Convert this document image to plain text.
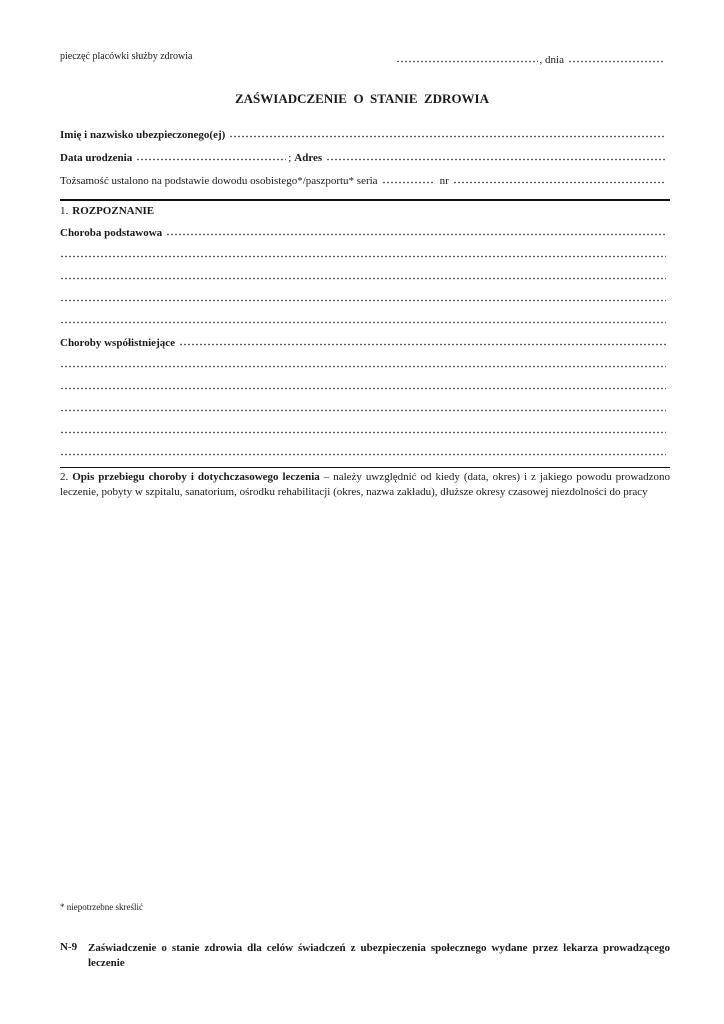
pieczęć placówki służby zdrowia	, dnia
ZAŚWIADCZENIE  O  STANIE  ZDROWIA
Imię i nazwisko ubezpieczonego(ej)
Data urodzenia	; Adres
Tożsamość ustalono na podstawie dowodu osobistego*/paszportu* seria	nr
1. ROZPOZNANIE
Choroba podstawowa
Choroby współistniejące
2. Opis przebiegu choroby i dotychczasowego leczenia – należy uwzględnić od kiedy (data, okres) i z jakiego powodu prowadzono leczenie, pobyty w szpitalu, sanatorium, ośrodku rehabilitacji (okres, nazwa zakładu), dłuższe okresy czasowej niezdolności do pracy
* niepotrzebne skreślić
N-9 Zaświadczenie o stanie zdrowia dla celów świadczeń z ubezpieczenia społecznego wydane przez lekarza prowadzącego leczenie
